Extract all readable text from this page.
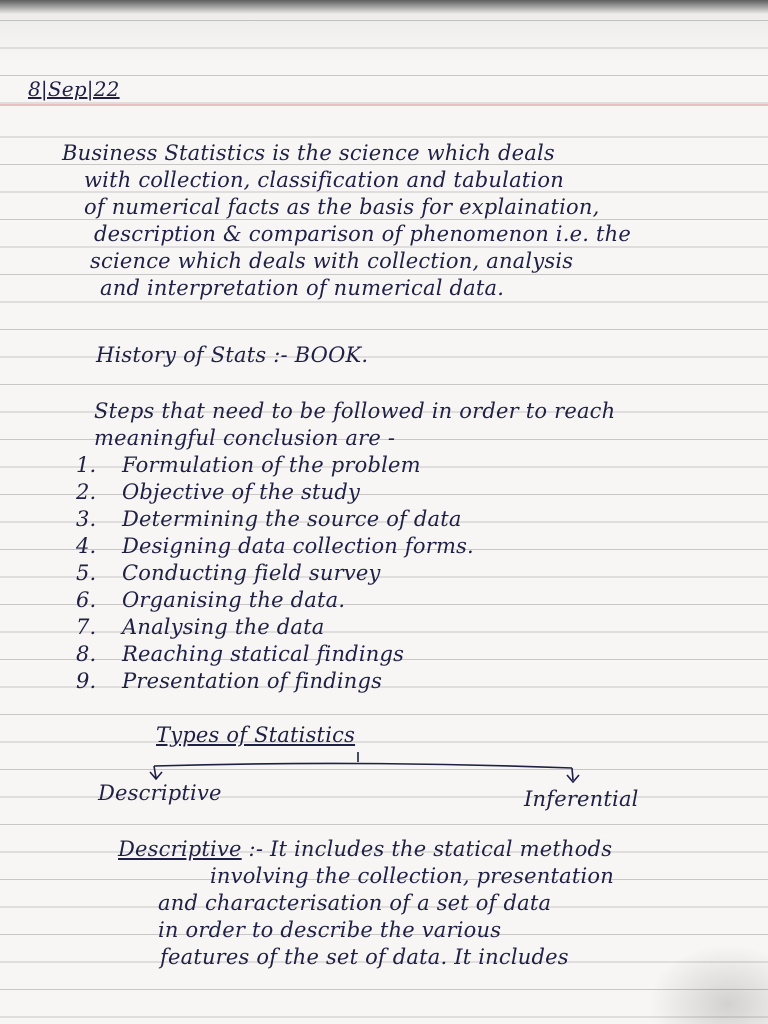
8|Sep|22

Business Statistics is the science which deals

with collection, classification and tabulation

of numerical facts as the basis for explaination,

description & comparison of phenomenon i.e. the

science which deals with collection, analysis

and interpretation of numerical data.

History of Stats :- BOOK.

Steps that need to be followed in order to reach

meaningful conclusion are -

1. Formulation of the problem

2. Objective of the study

3. Determining the source of data

4. Designing data collection forms.

5. Conducting field survey

6. Organising the data.

7. Analysing the data

8. Reaching statical findings

9. Presentation of findings

Types of Statistics
Descriptive	Inferential

Descriptive :- It includes the statical methods

involving the collection, presentation

and characterisation of a set of data

in order to describe the various

features of the set of data. It includes
